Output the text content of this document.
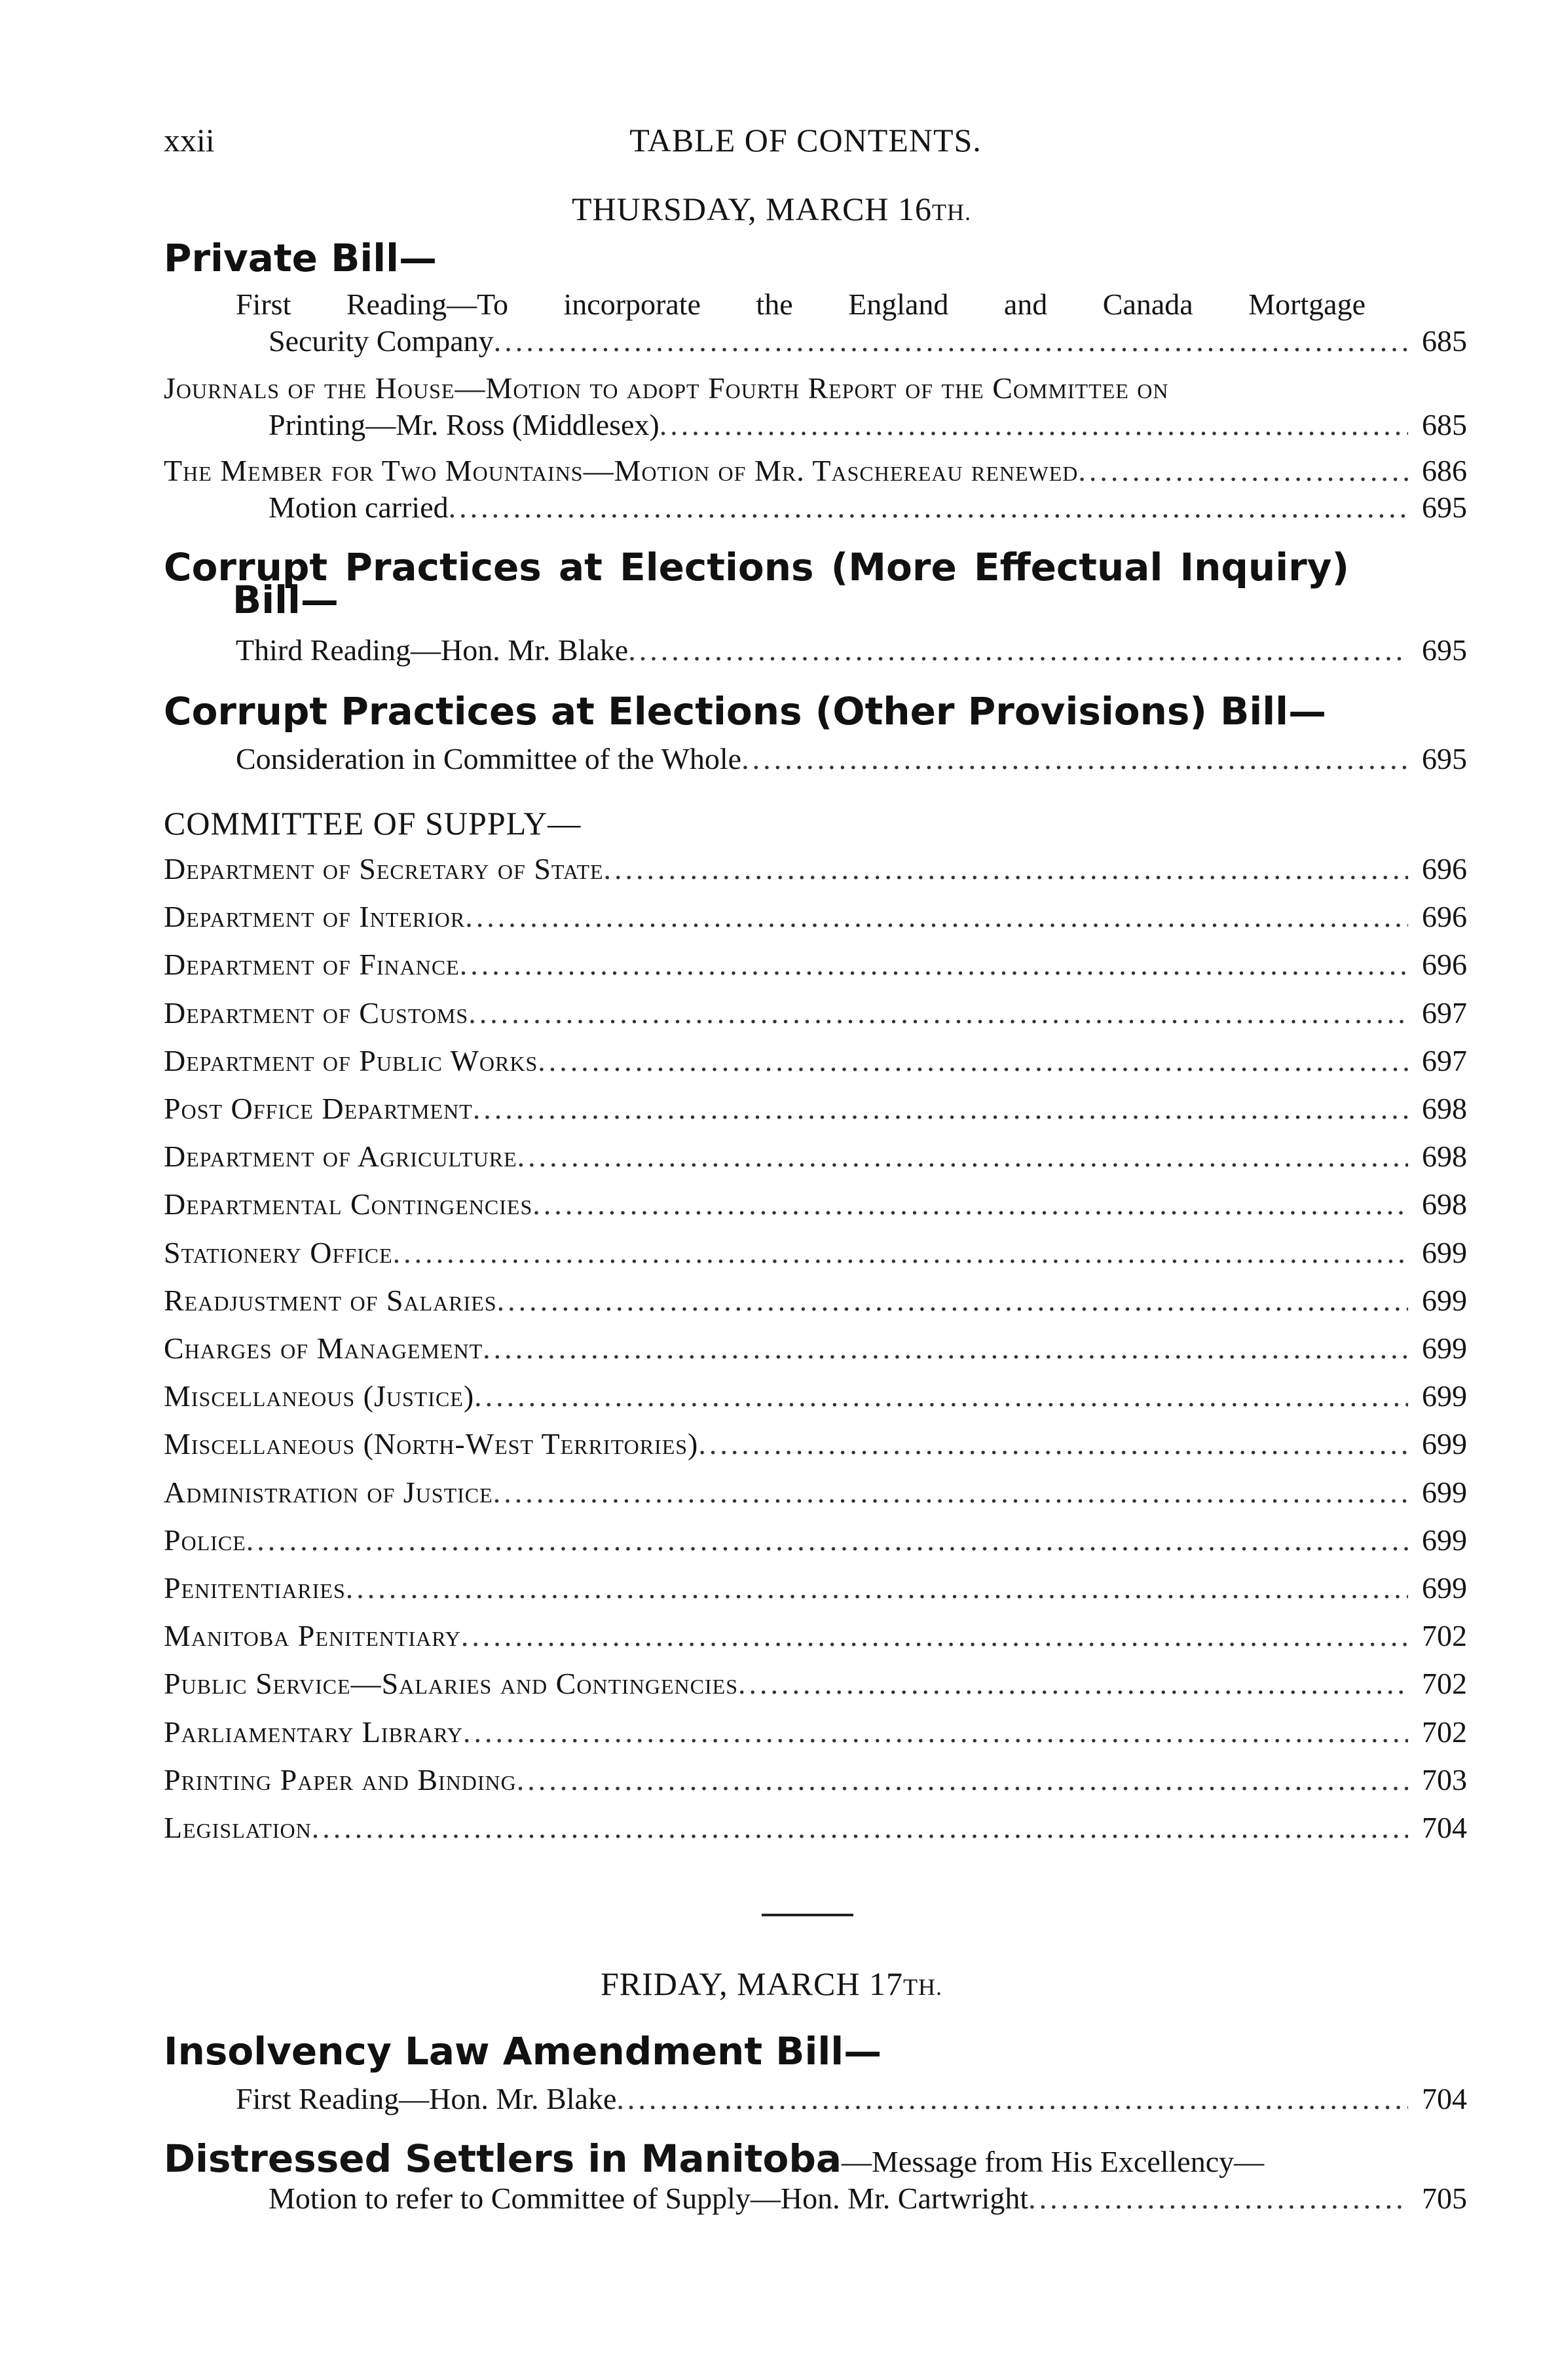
xxii	TABLE OF CONTENTS.
THURSDAY, MARCH 16TH.
Private Bill—
First Reading—To incorporate the England and Canada Mortgage
Security Company .....	685
Journals of the House—Motion to adopt Fourth Report of the Committee on
Printing—Mr. Ross (Middlesex) .....	685
The Member for Two Mountains—Motion of Mr. Taschereau renewed .....	686
Motion carried .....	695
Corrupt Practices at Elections (More Effectual Inquiry)
Bill—
Third Reading—Hon. Mr. Blake .....	695
Corrupt Practices at Elections (Other Provisions) Bill—
Consideration in Committee of the Whole .....	695
COMMITTEE OF SUPPLY—
Department of Secretary of State .....	696
Department of Interior .....	696
Department of Finance .....	696
Department of Customs .....	697
Department of Public Works .....	697
Post Office Department .....	698
Department of Agriculture .....	698
Departmental Contingencies .....	698
Stationery Office .....	699
Readjustment of Salaries .....	699
Charges of Management .....	699
Miscellaneous (Justice) .....	699
Miscellaneous (North-West Territories) .....	699
Administration of Justice .....	699
Police .....	699
Penitentiaries .....	699
Manitoba Penitentiary .....	702
Public Service—Salaries and Contingencies .....	702
Parliamentary Library .....	702
Printing Paper and Binding .....	703
Legislation .....	704
FRIDAY, MARCH 17TH.
Insolvency Law Amendment Bill—
First Reading—Hon. Mr. Blake .....	704
Distressed Settlers in Manitoba—Message from His Excellency—
Motion to refer to Committee of Supply—Hon. Mr. Cartwright .....	705
